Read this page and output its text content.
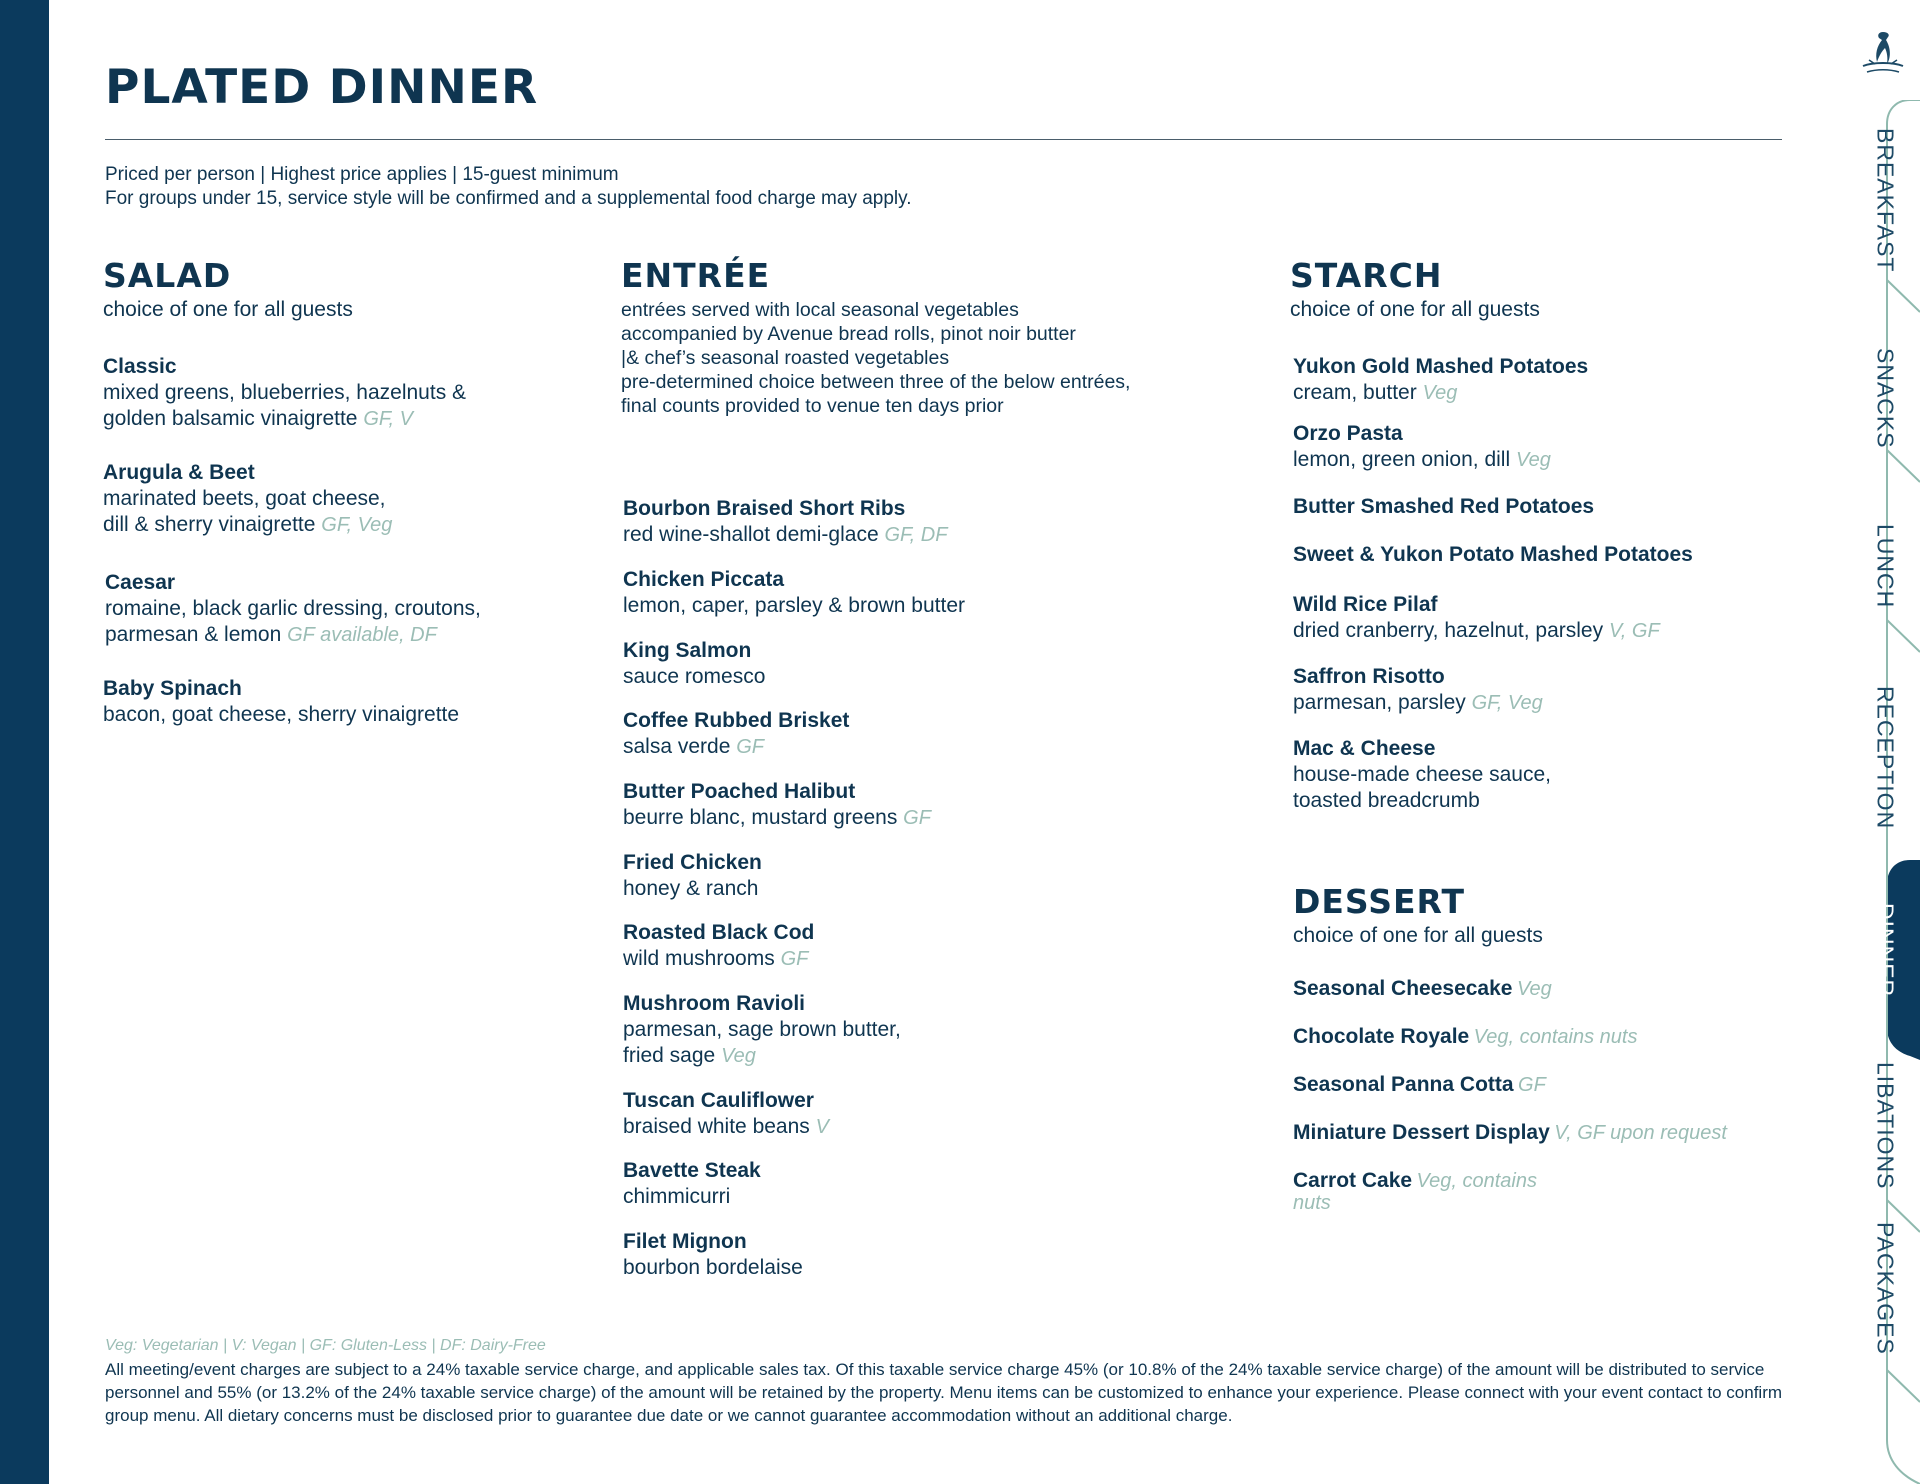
PLATED DINNER
Priced per person | Highest price applies | 15-guest minimum
For groups under 15, service style will be confirmed and a supplemental food charge may apply.
SALAD
choice of one for all guests
Classic
mixed greens, blueberries, hazelnuts &
golden balsamic vinaigrette GF, V
Arugula & Beet
marinated beets, goat cheese,
dill & sherry vinaigrette GF, Veg
Caesar
romaine, black garlic dressing, croutons,
parmesan & lemon GF available, DF
Baby Spinach
bacon, goat cheese, sherry vinaigrette
ENTRÉE
entrées served with local seasonal vegetables
accompanied by Avenue bread rolls, pinot noir butter
|& chef’s seasonal roasted vegetables
pre-determined choice between three of the below entrées,
final counts provided to venue ten days prior
Bourbon Braised Short Ribs
red wine-shallot demi-glace GF, DF
Chicken Piccata
lemon, caper, parsley & brown butter
King Salmon
sauce romesco
Coffee Rubbed Brisket
salsa verde GF
Butter Poached Halibut
beurre blanc, mustard greens GF
Fried Chicken
honey & ranch
Roasted Black Cod
wild mushrooms GF
Mushroom Ravioli
parmesan, sage brown butter,
fried sage Veg
Tuscan Cauliflower
braised white beans V
Bavette Steak
chimmicurri
Filet Mignon
bourbon bordelaise
STARCH
choice of one for all guests
Yukon Gold Mashed Potatoes
cream, butter Veg
Orzo Pasta
lemon, green onion, dill Veg
Butter Smashed Red Potatoes
Sweet & Yukon Potato Mashed Potatoes
Wild Rice Pilaf
dried cranberry, hazelnut, parsley V, GF
Saffron Risotto
parmesan, parsley GF, Veg
Mac & Cheese
house-made cheese sauce,
toasted breadcrumb
DESSERT
choice of one for all guests
Seasonal Cheesecake Veg
Chocolate Royale Veg, contains nuts
Seasonal Panna Cotta GF
Miniature Dessert Display V, GF upon request
Carrot Cake Veg, contains
nuts
Veg: Vegetarian | V: Vegan | GF: Gluten-Less | DF: Dairy-Free
All meeting/event charges are subject to a 24% taxable service charge, and applicable sales tax. Of this taxable service charge 45% (or 10.8% of the 24% taxable service charge) of the amount will be distributed to service personnel and 55% (or 13.2% of the 24% taxable service charge) of the amount will be retained by the property. Menu items can be customized to enhance your experience. Please connect with your event contact to confirm group menu. All dietary concerns must be disclosed prior to guarantee due date or we cannot guarantee accommodation without an additional charge.
BREAKFAST
SNACKS
LUNCH
RECEPTION
DINNER
LIBATIONS
PACKAGES
